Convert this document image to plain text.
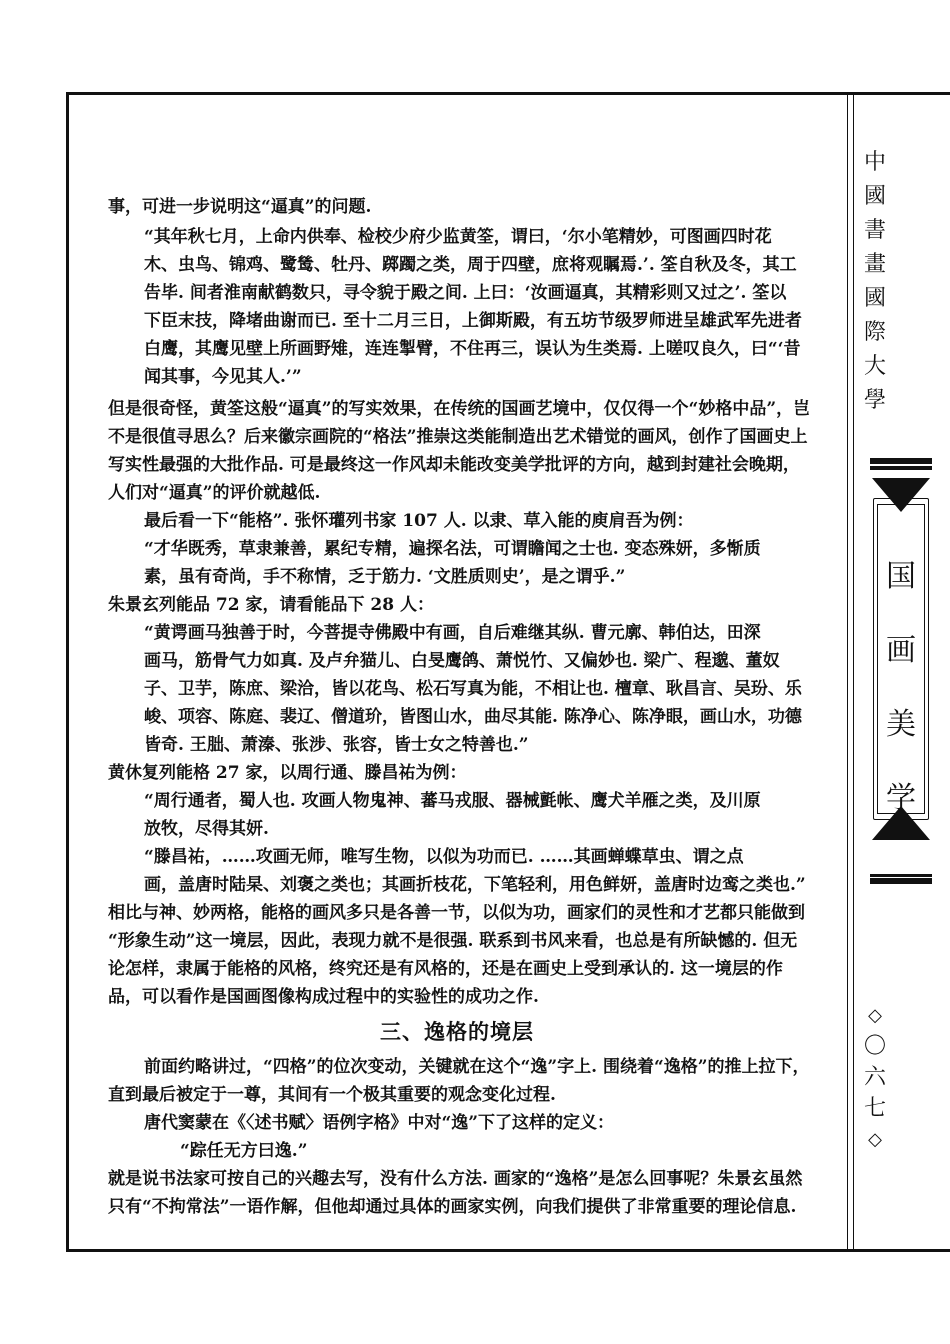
中
國
書
畫
國
際
大
學
国
画
美
学
◇
〇
六
七
◇
事，可进一步说明这“逼真”的问题.
“其年秋七月，上命内供奉、检校少府少监黄筌，谓曰，‘尔小笔精妙，可图画四时花
木、虫鸟、锦鸡、鹭鸶、牡丹、踯躅之类，周于四壁，庶将观瞩焉.’. 筌自秋及冬，其工
告毕. 间者淮南献鹤数只，寻令貌于殿之间. 上曰：‘汝画逼真，其精彩则又过之’. 筌以
下臣末技，降堵曲谢而已. 至十二月三日，上御斯殿，有五坊节级罗师进呈雄武军先进者
白鹰，其鹰见壁上所画野雉，连连掣臂，不住再三，误认为生类焉. 上嗟叹良久，曰“‘昔
闻其事，今见其人.’”
但是很奇怪，黄筌这般“逼真”的写实效果，在传统的国画艺境中，仅仅得一个“妙格中品”，岂
不是很值寻思么？后来徽宗画院的“格法”推崇这类能制造出艺术错觉的画风，创作了国画史上
写实性最强的大批作品. 可是最终这一作风却未能改变美学批评的方向，越到封建社会晚期，
人们对“逼真”的评价就越低.
最后看一下“能格”. 张怀瓘列书家 107 人. 以隶、草入能的庾肩吾为例：
“才华既秀，草隶兼善，累纪专精，遍探名法，可谓瞻闻之士也. 变态殊妍，多惭质
素，虽有奇尚，手不称情，乏于筋力. ‘文胜质则史’，是之谓乎.”
朱景玄列能品 72 家，请看能品下 28 人：
“黄谔画马独善于时，今菩提寺佛殿中有画，自后难继其纵. 曹元廓、韩伯达，田深
画马，筋骨气力如真. 及卢弁猫儿、白旻鹰鸽、萧悦竹、又偏妙也. 梁广、程邈、董奴
子、卫芋，陈庶、梁洽，皆以花鸟、松石写真为能，不相让也. 檀章、耿昌言、吴玢、乐
峻、项容、陈庭、裴辽、僧道玠，皆图山水，曲尽其能. 陈净心、陈净眼，画山水，功德
皆奇. 王朏、萧溱、张涉、张容，皆士女之特善也.”
黄休复列能格 27 家，以周行通、滕昌祐为例：
“周行通者，蜀人也. 攻画人物鬼神、蕃马戎服、器械氈帐、鹰犬羊雁之类，及川原
放牧，尽得其妍.
“滕昌祐，……攻画无师，唯写生物，以似为功而已. ……其画蝉蝶草虫、谓之点
画，盖唐时陆杲、刘褒之类也；其画折枝花，下笔轻利，用色鲜妍，盖唐时边鸾之类也.”
相比与神、妙两格，能格的画风多只是各善一节，以似为功，画家们的灵性和才艺都只能做到
“形象生动”这一境层，因此，表现力就不是很强. 联系到书风来看，也总是有所缺憾的. 但无
论怎样，隶属于能格的风格，终究还是有风格的，还是在画史上受到承认的. 这一境层的作
品，可以看作是国画图像构成过程中的实验性的成功之作.
三、逸格的境层
前面约略讲过，“四格”的位次变动，关键就在这个“逸”字上. 围绕着“逸格”的推上拉下，
直到最后被定于一尊，其间有一个极其重要的观念变化过程.
唐代窦蒙在《〈述书赋〉语例字格》中对“逸”下了这样的定义：
“踪任无方曰逸.”
就是说书法家可按自己的兴趣去写，没有什么方法. 画家的“逸格”是怎么回事呢？朱景玄虽然
只有“不拘常法”一语作解，但他却通过具体的画家实例，向我们提供了非常重要的理论信息.
